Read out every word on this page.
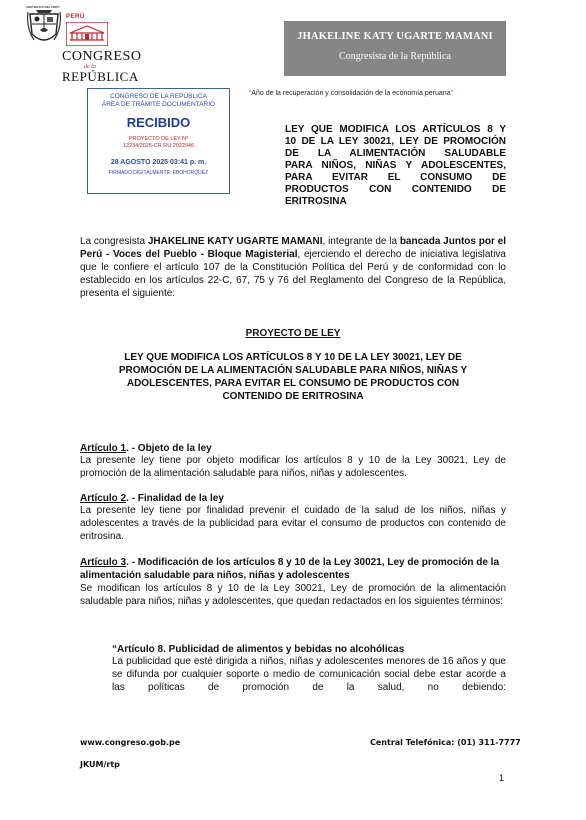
REPÚBLICA DEL PERÚ
PERÚ
CONGRESO
de la
REPÚBLICA
JHAKELINE KATY UGARTE MAMANI
Congresista de la República
“Año de la recuperación y consolidación de la economía peruana”
CONGRESO DE LA REPÚBLICA
ÁREA DE TRÁMITE DOCUMENTARIO
RECIBIDO
PROYECTO DE LEY Nº
12234/2025-CR RU 2022946
28 AGOSTO 2025 03:41 p. m.
FIRMADO DIGITALMENTE: EBOHORQUEZ
LEY QUE MODIFICA LOS ARTÍCULOS 8 Y
10 DE LA LEY 30021, LEY DE PROMOCIÓN
DE LA ALIMENTACIÓN SALUDABLE
PARA NIÑOS, NIÑAS Y ADOLESCENTES,
PARA EVITAR EL CONSUMO DE
PRODUCTOS CON CONTENIDO DE
ERITROSINA
La congresista JHAKELINE KATY UGARTE MAMANI, integrante de la bancada Juntos por el Perú - Voces del Pueblo - Bloque Magisterial, ejerciendo el derecho de iniciativa legislativa que le confiere el artículo 107 de la Constitución Política del Perú y de conformidad con lo establecido en los artículos 22-C, 67, 75 y 76 del Reglamento del Congreso de la República, presenta el siguiente:
PROYECTO DE LEY
LEY QUE MODIFICA LOS ARTÍCULOS 8 Y 10 DE LA LEY 30021, LEY DE PROMOCIÓN DE LA ALIMENTACIÓN SALUDABLE PARA NIÑOS, NIÑAS Y ADOLESCENTES, PARA EVITAR EL CONSUMO DE PRODUCTOS CON CONTENIDO DE ERITROSINA
Artículo 1. - Objeto de la ley
La presente ley tiene por objeto modificar los artículos 8 y 10 de la Ley 30021, Ley de promoción de la alimentación saludable para niños, niñas y adolescentes.
Artículo 2. - Finalidad de la ley
La presente ley tiene por finalidad prevenir el cuidado de la salud de los niños, niñas y adolescentes a través de la publicidad para evitar el consumo de productos con contenido de eritrosina.
Artículo 3. - Modificación de los artículos 8 y 10 de la Ley 30021, Ley de promoción de la alimentación saludable para niños, niñas y adolescentes
Se modifican los artículos 8 y 10 de la Ley 30021, Ley de promoción de la alimentación saludable para niños, niñas y adolescentes, que quedan redactados en los siguientes términos:
“Artículo 8. Publicidad de alimentos y bebidas no alcohólicas
La publicidad que esté dirigida a niños, niñas y adolescentes menores de 16 años y que se difunda por cualquier soporte o medio de comunicación social debe estar acorde a las políticas de promoción de la salud, no debiendo:
www.congreso.gob.pe	Central Telefónica: (01) 311-7777
JKUM/rtp
1
